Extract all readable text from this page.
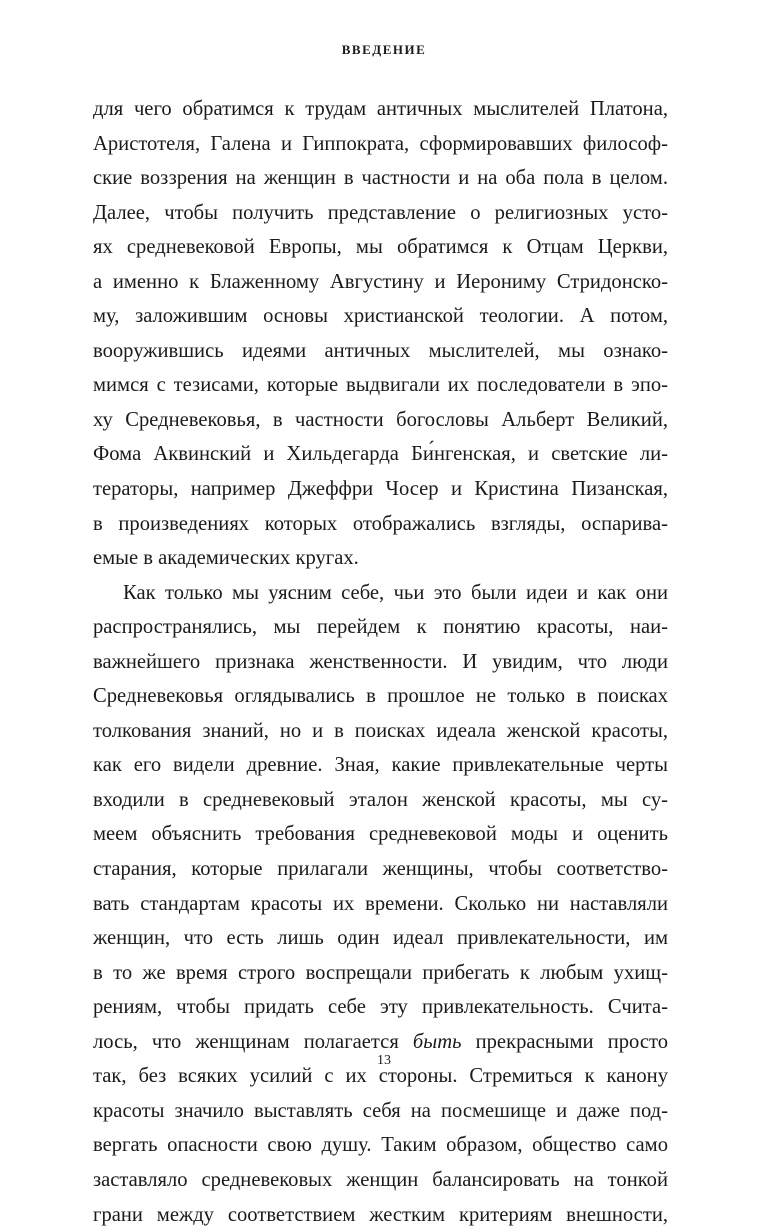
ВВЕДЕНИЕ
для чего обратимся к трудам античных мыслителей Платона,
Аристотеля, Галена и Гиппократа, сформировавших философ-
ские воззрения на женщин в частности и на оба пола в целом.
Далее, чтобы получить представление о религиозных усто-
ях средневековой Европы, мы обратимся к Отцам Церкви,
а именно к Блаженному Августину и Иерониму Стридонско-
му, заложившим основы христианской теологии. А потом,
вооружившись идеями античных мыслителей, мы ознако-
мимся с тезисами, которые выдвигали их последователи в эпо-
ху Средневековья, в частности богословы Альберт Великий,
Фома Аквинский и Хильдегарда Би́нгенская, и светские ли-
тераторы, например Джеффри Чосер и Кристина Пизанская,
в произведениях которых отображались взгляды, оспарива-
емые в академических кругах.
Как только мы уясним себе, чьи это были идеи и как они
распространялись, мы перейдем к понятию красоты, наи-
важнейшего признака женственности. И увидим, что люди
Средневековья оглядывались в прошлое не только в поисках
толкования знаний, но и в поисках идеала женской красоты,
как его видели древние. Зная, какие привлекательные черты
входили в средневековый эталон женской красоты, мы су-
меем объяснить требования средневековой моды и оценить
старания, которые прилагали женщины, чтобы соответство-
вать стандартам красоты их времени. Сколько ни наставляли
женщин, что есть лишь один идеал привлекательности, им
в то же время строго воспрещали прибегать к любым ухищ-
рениям, чтобы придать себе эту привлекательность. Счита-
лось, что женщинам полагается быть прекрасными просто
так, без всяких усилий с их стороны. Стремиться к канону
красоты значило выставлять себя на посмешище и даже под-
вергать опасности свою душу. Таким образом, общество само
заставляло средневековых женщин балансировать на тонкой
грани между соответствием жестким критериям внешности,
13
